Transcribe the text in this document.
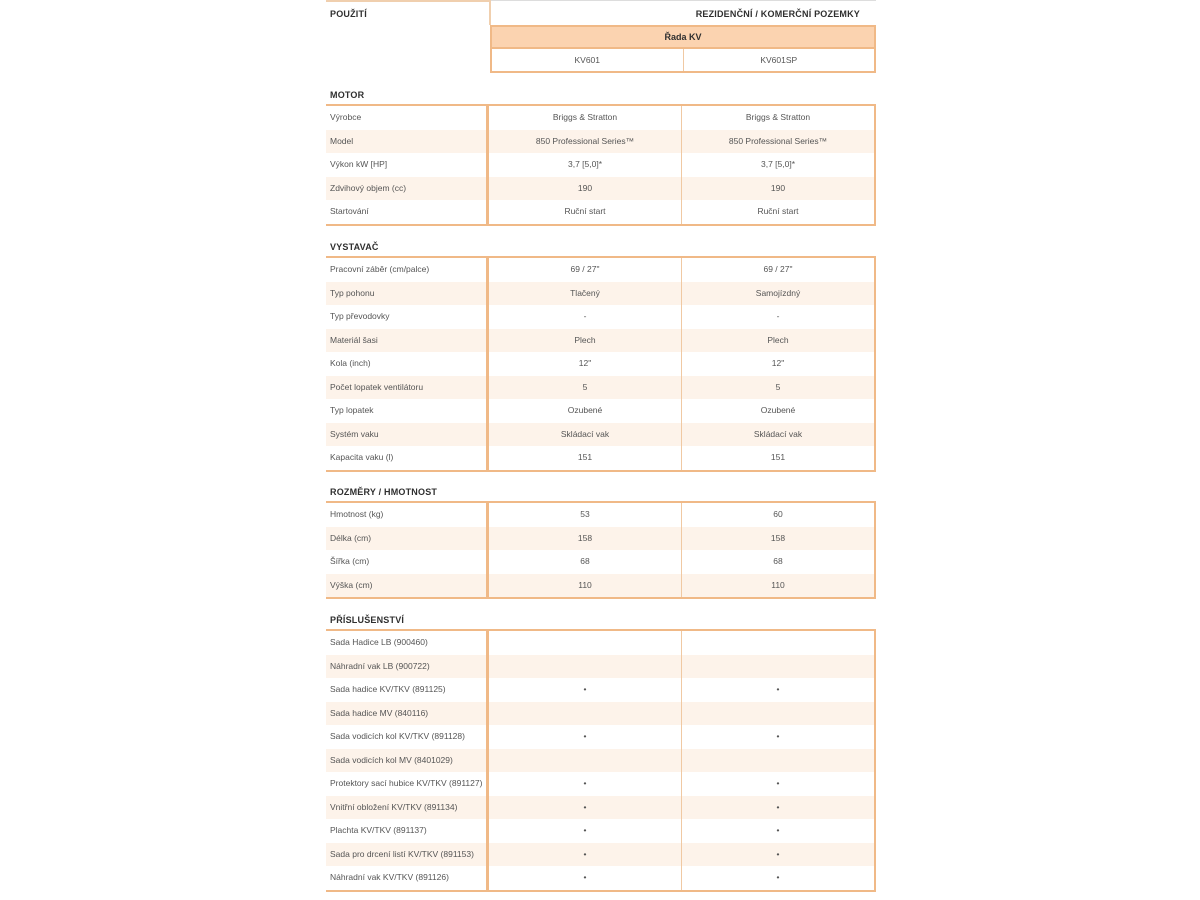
POUŽITÍ	REZIDENČNÍ / KOMERČNÍ POZEMKY
Řada KV
KV601	KV601SP
MOTOR
Výrobce	Briggs & Stratton	Briggs & Stratton
Model	850 Professional Series™	850 Professional Series™
Výkon kW [HP]	3,7 [5,0]*	3,7 [5,0]*
Zdvihový objem (cc)	190	190
Startování	Ruční start	Ruční start
VYSTAVAČ
Pracovní záběr (cm/palce)	69 / 27"	69 / 27"
Typ pohonu	Tlačený	Samojízdný
Typ převodovky	-	-
Materiál šasi	Plech	Plech
Kola (inch)	12"	12"
Počet lopatek ventilátoru	5	5
Typ lopatek	Ozubené	Ozubené
Systém vaku	Skládací vak	Skládací vak
Kapacita vaku (l)	151	151
ROZMĚRY / HMOTNOST
Hmotnost (kg)	53	60
Délka (cm)	158	158
Šířka (cm)	68	68
Výška (cm)	110	110
PŘÍSLUŠENSTVÍ
Sada Hadice LB (900460)
Náhradní vak LB (900722)
Sada hadice KV/TKV (891125)	•	•
Sada hadice MV (840116)
Sada vodicích kol KV/TKV (891128)	•	•
Sada vodicích kol MV (8401029)
Protektory sací hubice KV/TKV (891127)	•	•
Vnitřní obložení KV/TKV (891134)	•	•
Plachta KV/TKV (891137)	•	•
Sada pro drcení listí KV/TKV (891153)	•	•
Náhradní vak KV/TKV (891126)	•	•
